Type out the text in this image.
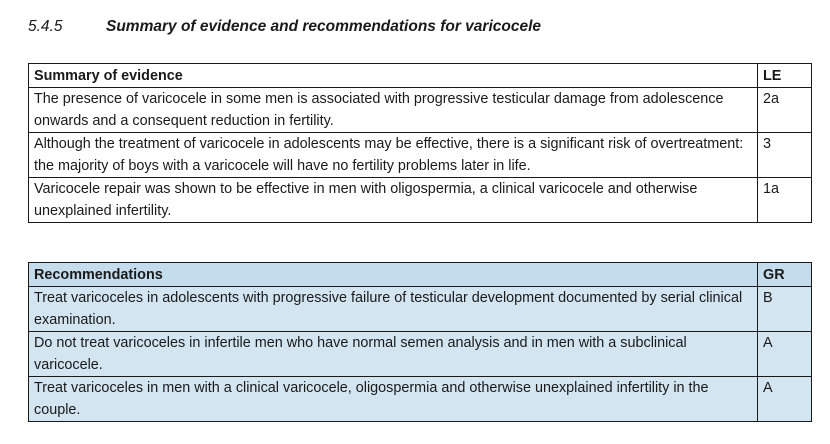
5.4.5	Summary of evidence and recommendations for varicocele
Summary of evidence	LE
The presence of varicocele in some men is associated with progressive testicular damage from adolescence onwards and a consequent reduction in fertility.	2a
Although the treatment of varicocele in adolescents may be effective, there is a significant risk of overtreatment: the majority of boys with a varicocele will have no fertility problems later in life.	3
Varicocele repair was shown to be effective in men with oligospermia, a clinical varicocele and otherwise unexplained infertility.	1a
Recommendations	GR
Treat varicoceles in adolescents with progressive failure of testicular development documented by serial clinical examination.	B
Do not treat varicoceles in infertile men who have normal semen analysis and in men with a subclinical varicocele.	A
Treat varicoceles in men with a clinical varicocele, oligospermia and otherwise unexplained infertility in the couple.	A
